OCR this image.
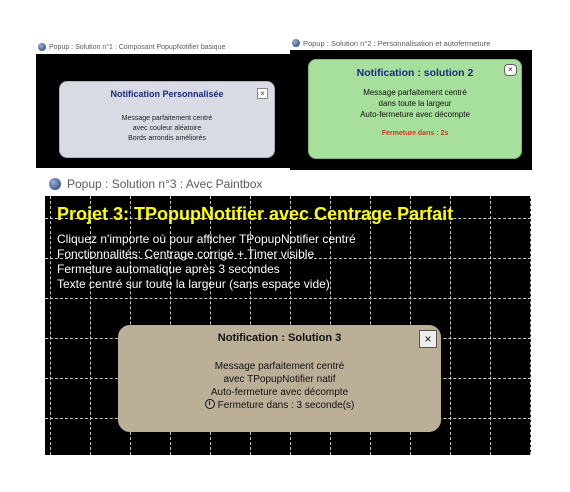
Popup : Solution n°1 : Composant PopupNotifier basique
Notification Personnalisée	×
Message parfaitement centré
avec couleur aléatoire
Bords arrondis améliorés
Popup : Solution n°2 : Personnalisation et autofermeture
Notification : solution 2	×
Message parfaitement centré
dans toute la largeur
Auto-fermeture avec décompte
Fermeture dans : 2s
Popup : Solution n°3 : Avec Paintbox
Projet 3: TPopupNotifier avec Centrage Parfait
Cliquez n'importe où pour afficher TPopupNotifier centré
Fonctionnalités: Centrage corrigé + Timer visible
Fermeture automatique après 3 secondes
Texte centré sur toute la largeur (sans espace vide)
Notification : Solution 3	×
Message parfaitement centré
avec TPopupNotifier natif
Auto-fermeture avec décompte
Fermeture dans : 3 seconde(s)
